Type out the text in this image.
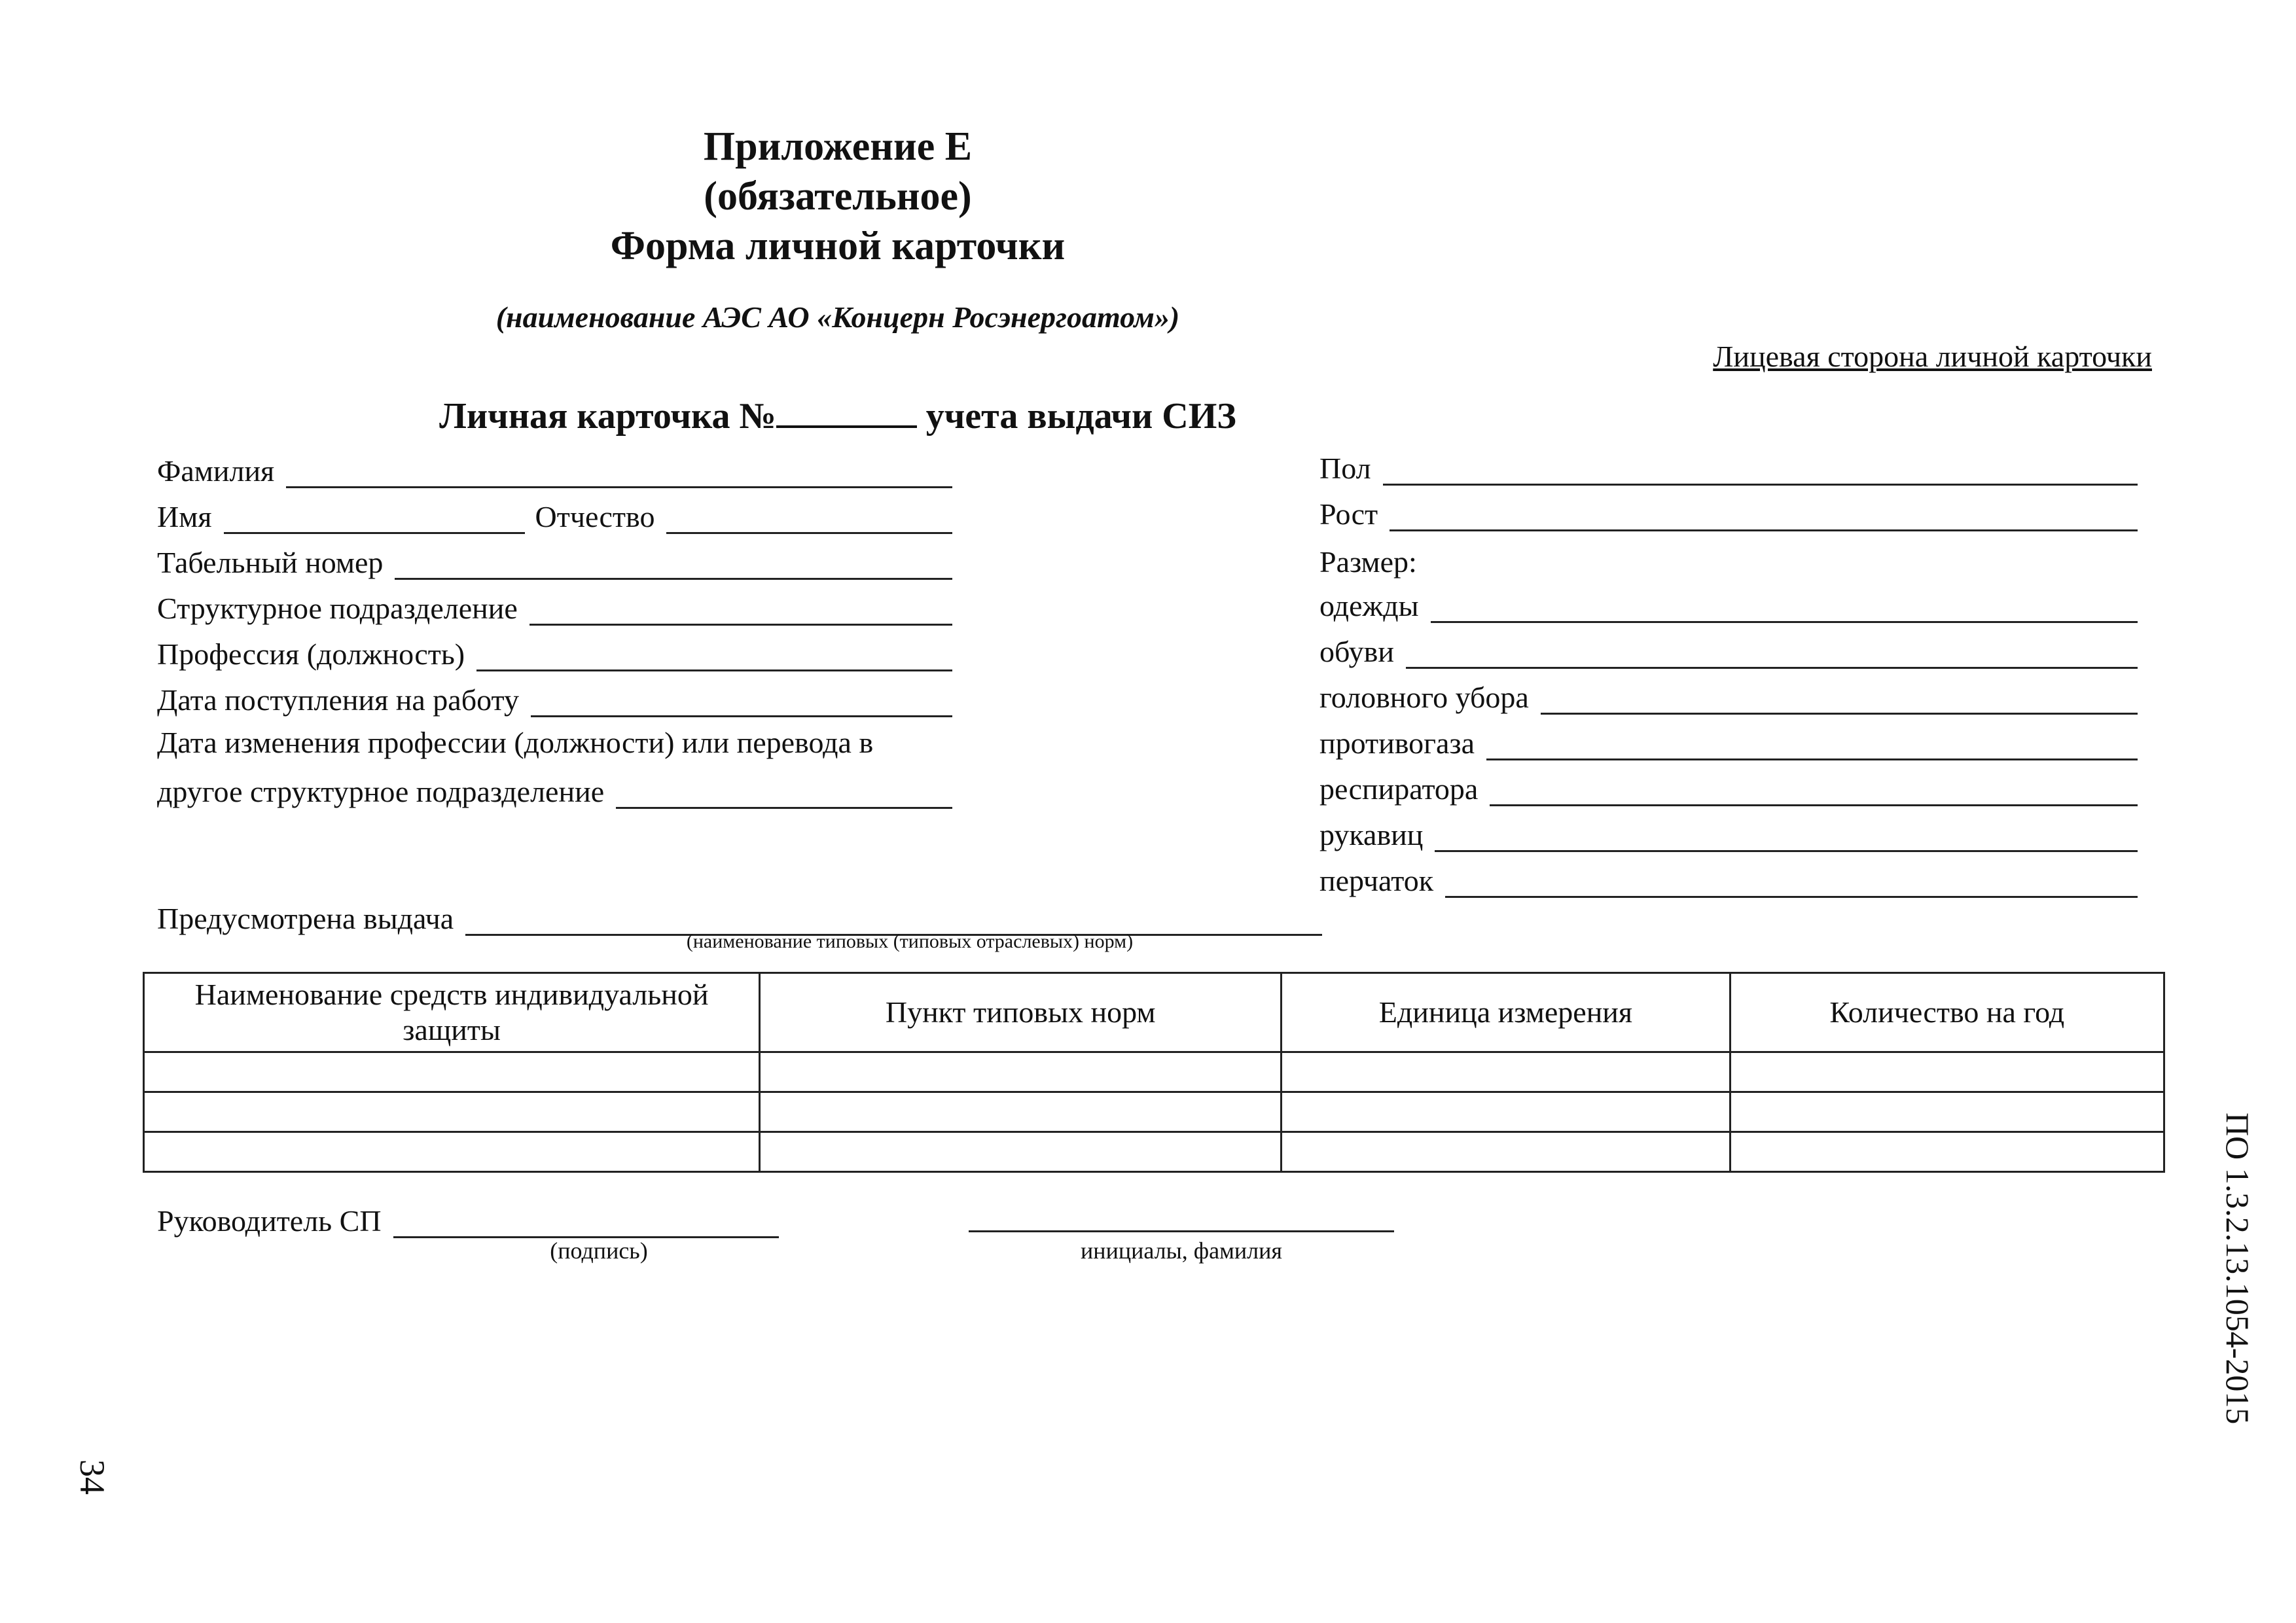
Приложение Е
(обязательное)
Форма личной карточки
(наименование АЭС АО «Концерн Росэнергоатом»)
Лицевая сторона личной карточки
Личная карточка №	учета выдачи СИЗ
Фамилия
Имя	Отчество
Табельный номер
Структурное подразделение
Профессия (должность)
Дата поступления на работу
Дата изменения профессии (должности) или перевода в
другое структурное подразделение
Пол
Рост
Размер:
одежды
обуви
головного убора
противогаза
респиратора
рукавиц
перчаток
Предусмотрена выдача
(наименование типовых (типовых отраслевых) норм)
Наименование средств индивидуальной защиты	Пункт типовых норм	Единица измерения	Количество на год

Руководитель СП
(подпись)	инициалы, фамилия	ПО 1.3.2.13.1054-2015
34
